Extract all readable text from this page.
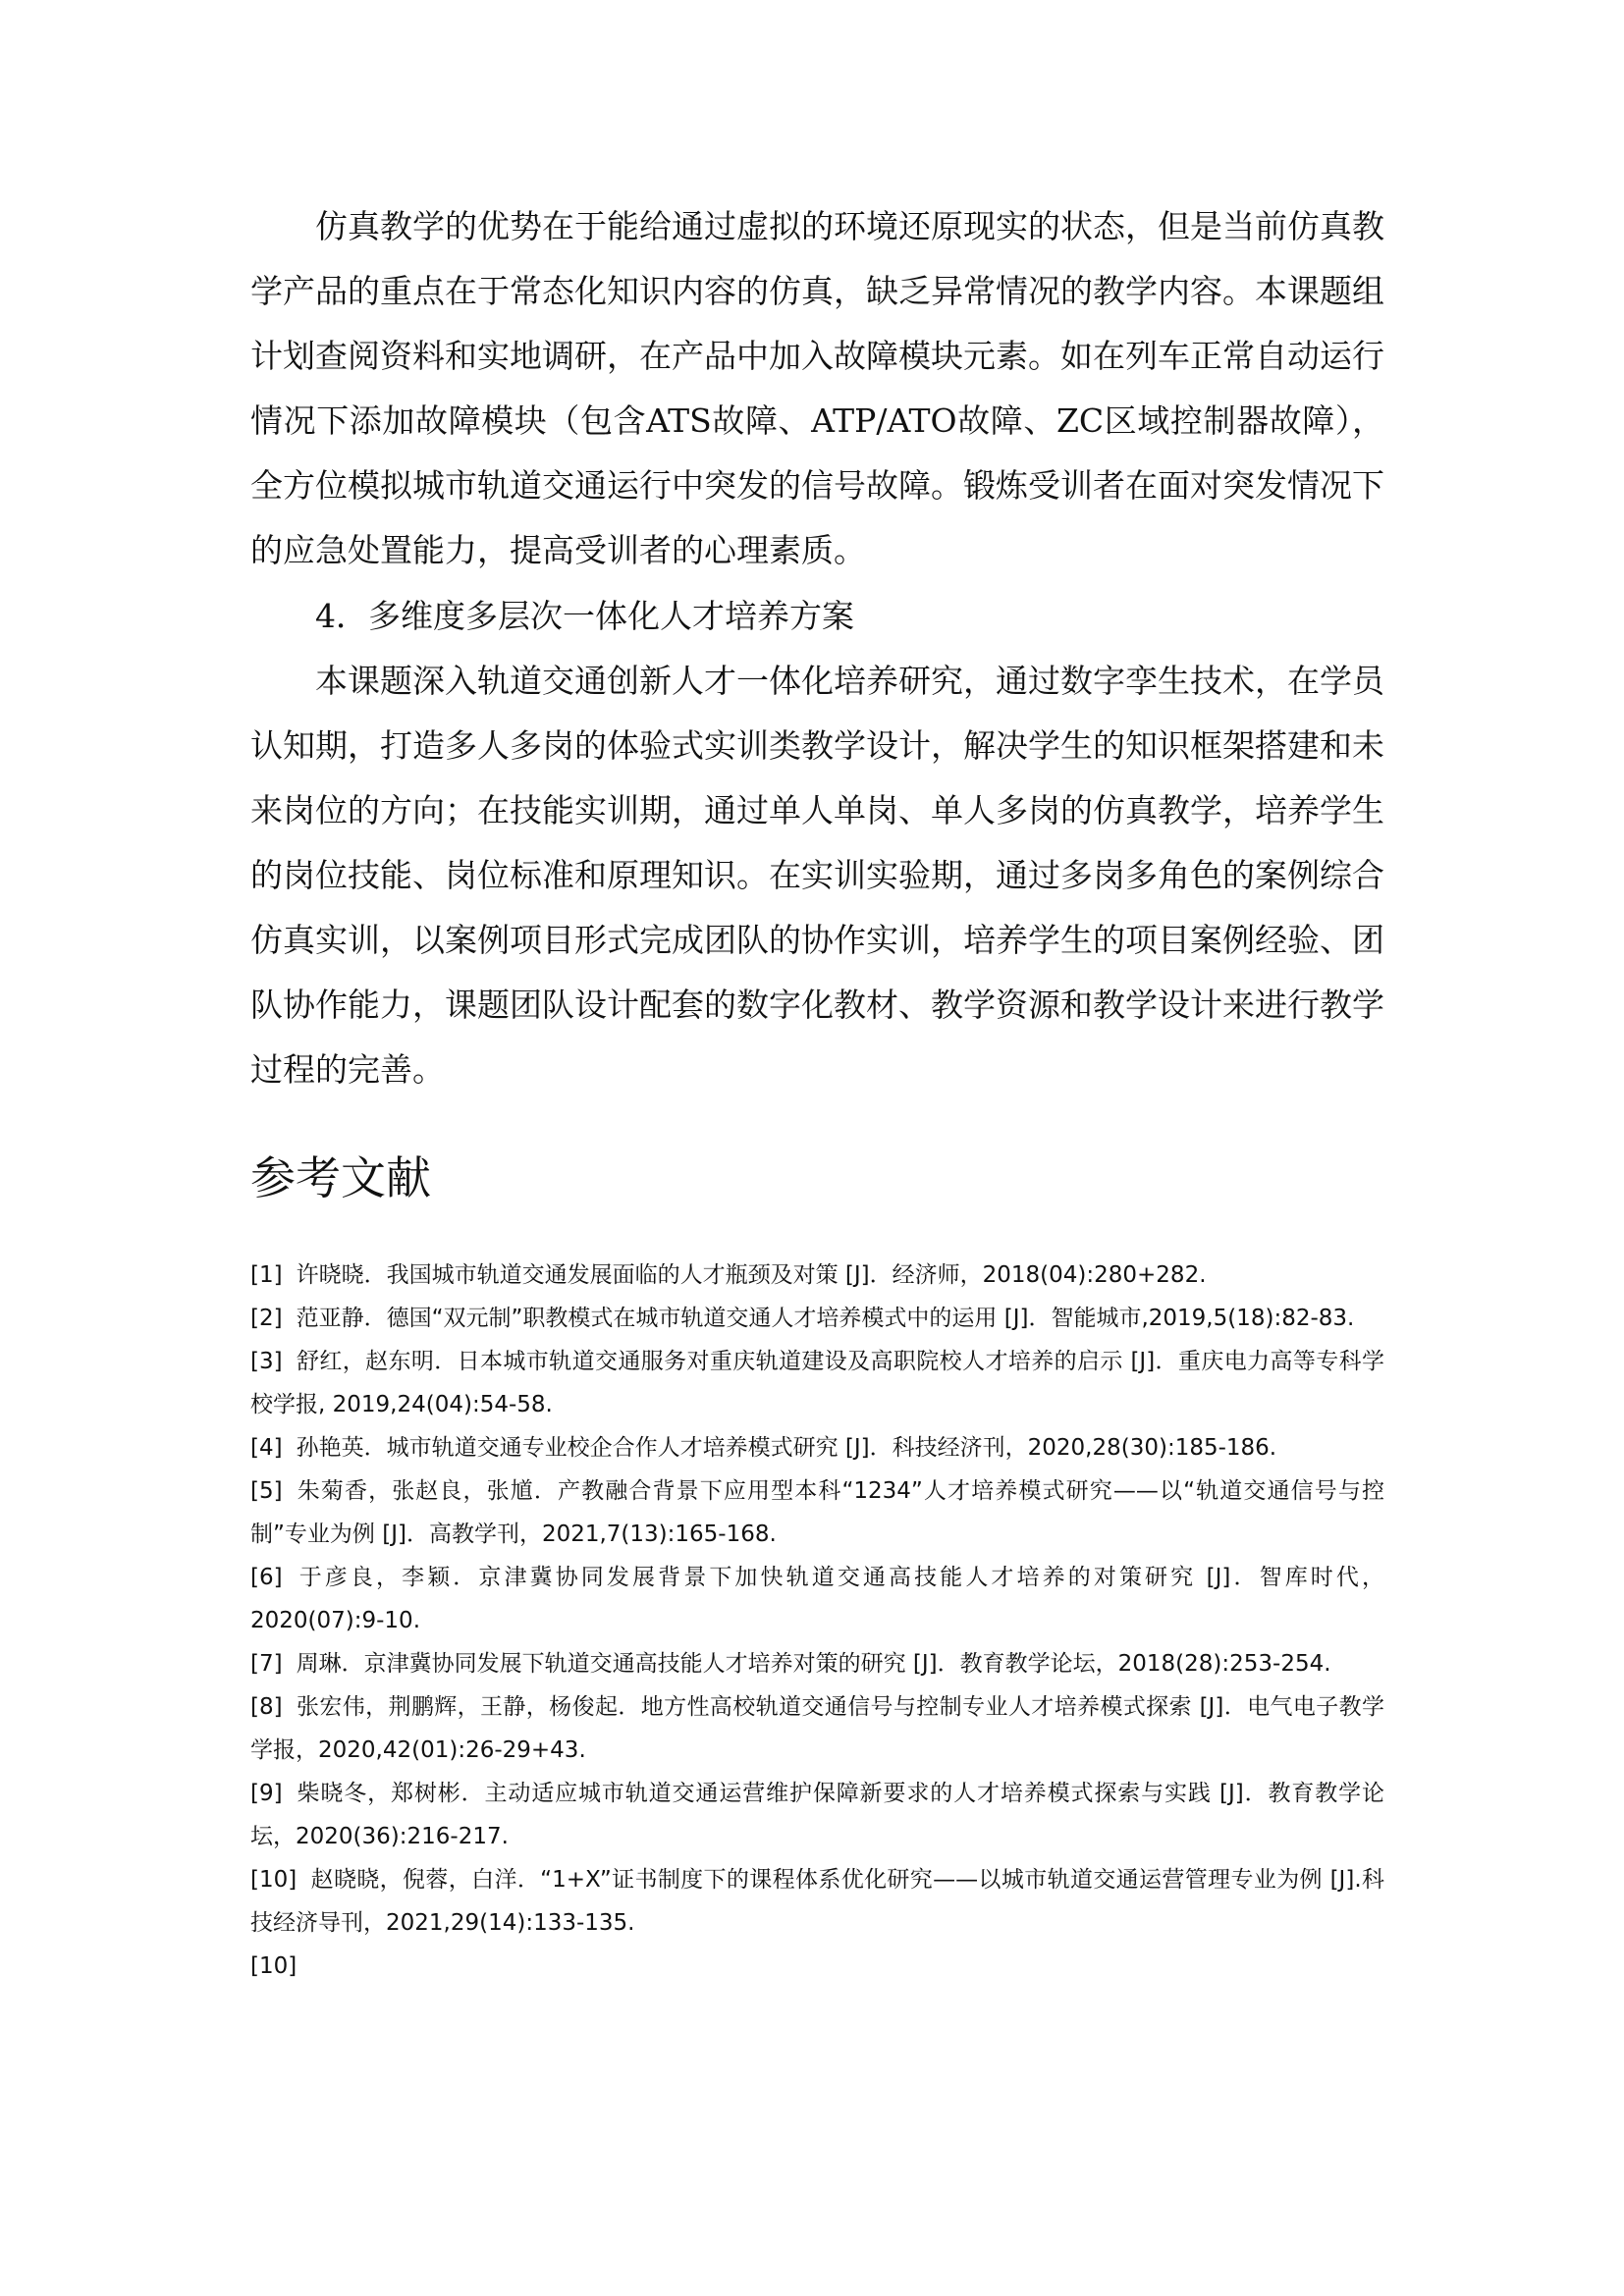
仿真教学的优势在于能给通过虚拟的环境还原现实的状态，但是当前仿真教学产品的重点在于常态化知识内容的仿真，缺乏异常情况的教学内容。本课题组计划查阅资料和实地调研，在产品中加入故障模块元素。如在列车正常自动运行情况下添加故障模块（包含ATS故障、ATP/ATO故障、ZC区域控制器故障），全方位模拟城市轨道交通运行中突发的信号故障。锻炼受训者在面对突发情况下的应急处置能力，提高受训者的心理素质。

4．多维度多层次一体化人才培养方案

本课题深入轨道交通创新人才一体化培养研究，通过数字孪生技术，在学员认知期，打造多人多岗的体验式实训类教学设计，解决学生的知识框架搭建和未来岗位的方向；在技能实训期，通过单人单岗、单人多岗的仿真教学，培养学生的岗位技能、岗位标准和原理知识。在实训实验期，通过多岗多角色的案例综合仿真实训，以案例项目形式完成团队的协作实训，培养学生的项目案例经验、团队协作能力，课题团队设计配套的数字化教材、教学资源和教学设计来进行教学过程的完善。

参考文献
[1] 许晓晓．我国城市轨道交通发展面临的人才瓶颈及对策 [J]．经济师，2018(04):280+282.
[2] 范亚静．德国“双元制”职教模式在城市轨道交通人才培养模式中的运用 [J]．智能城市,2019,5(18):82-83.
[3] 舒红，赵东明．日本城市轨道交通服务对重庆轨道建设及高职院校人才培养的启示 [J]．重庆电力高等专科学校学报, 2019,24(04):54-58.
[4] 孙艳英．城市轨道交通专业校企合作人才培养模式研究 [J]．科技经济刊，2020,28(30):185-186.
[5] 朱菊香，张赵良，张馗．产教融合背景下应用型本科“1234”人才培养模式研究——以“轨道交通信号与控制”专业为例 [J]．高教学刊，2021,7(13):165-168.
[6] 于彦良，李颖．京津冀协同发展背景下加快轨道交通高技能人才培养的对策研究 [J]．智库时代，2020(07):9-10.
[7] 周琳．京津冀协同发展下轨道交通高技能人才培养对策的研究 [J]．教育教学论坛，2018(28):253-254.
[8] 张宏伟，荆鹏辉，王静，杨俊起．地方性高校轨道交通信号与控制专业人才培养模式探索 [J]．电气电子教学学报，2020,42(01):26-29+43.
[9] 柴晓冬，郑树彬．主动适应城市轨道交通运营维护保障新要求的人才培养模式探索与实践 [J]．教育教学论坛，2020(36):216-217.
[10] 赵晓晓，倪蓉，白洋．“1+X”证书制度下的课程体系优化研究——以城市轨道交通运营管理专业为例 [J].科技经济导刊，2021,29(14):133-135.
[10]
